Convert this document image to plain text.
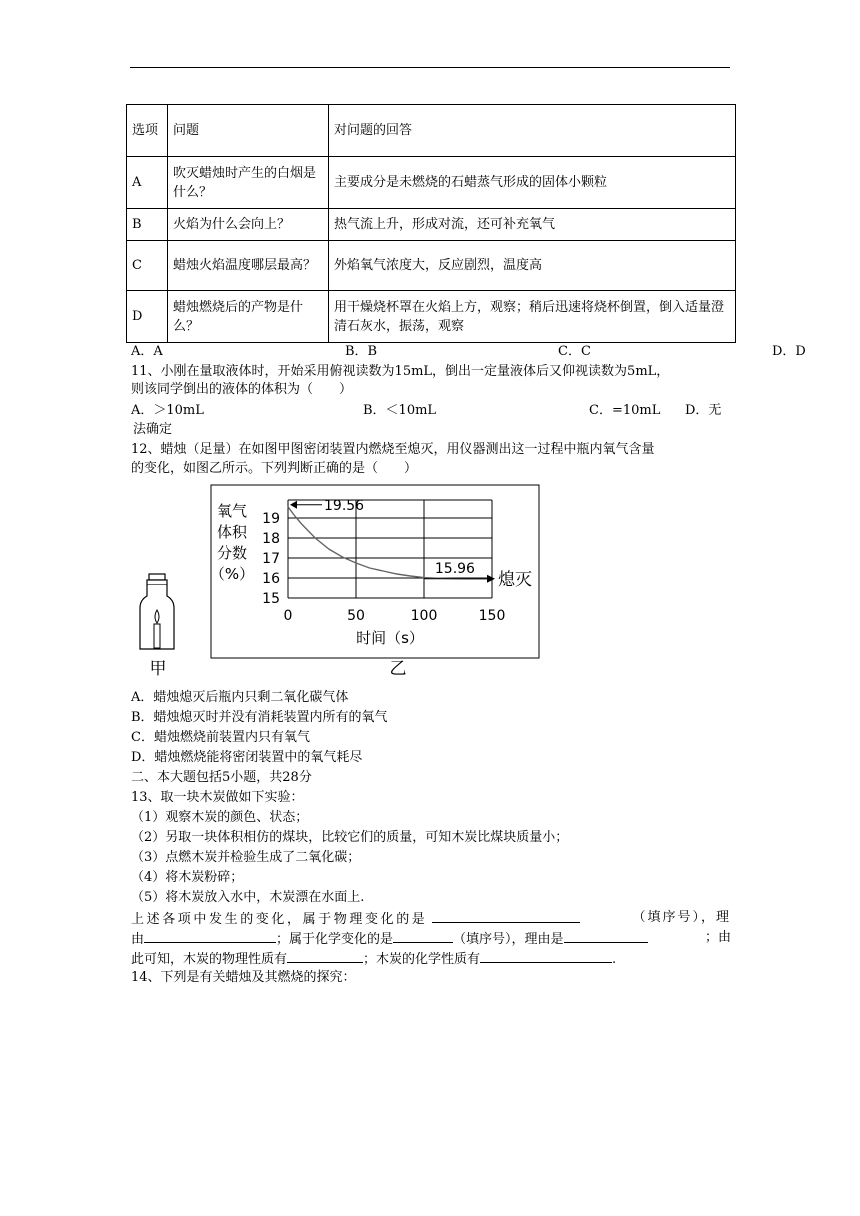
选项	问题	对问题的回答
A	吹灭蜡烛时产生的白烟是什么？	主要成分是未燃烧的石蜡蒸气形成的固体小颗粒
B	火焰为什么会向上？	热气流上升，形成对流，还可补充氧气
C	蜡烛火焰温度哪层最高？	外焰氧气浓度大，反应剧烈，温度高
D	蜡烛燃烧后的产物是什么？	用干燥烧杯罩在火焰上方，观察；稍后迅速将烧杯倒置，倒入适量澄清石灰水，振荡，观察
A．A	B．B	C．C	D．D
11、小刚在量取液体时，开始采用俯视读数为15mL，倒出一定量液体后又仰视读数为5mL，
则该同学倒出的液体的体积为（　　）
A．＞10mL	B．＜10mL	C．=10mL D．无
法确定
12、蜡烛（足量）在如图甲图密闭装置内燃烧至熄灭，用仪器测出这一过程中瓶内氧气含量
的变化，如图乙所示。下列判断正确的是（　　）
甲
15
16
17
18
19
0	50	100	150
氧气
体积
分数
（%）
时间（s）
19.56
15.96
熄灭
乙
A．蜡烛熄灭后瓶内只剩二氧化碳气体
B．蜡烛熄灭时并没有消耗装置内所有的氧气
C．蜡烛燃烧前装置内只有氧气
D．蜡烛燃烧能将密闭装置中的氧气耗尽
二、本大题包括5小题，共28分
13、取一块木炭做如下实验：
（1）观察木炭的颜色、状态；
（2）另取一块体积相仿的煤块，比较它们的质量，可知木炭比煤块质量小；
（3）点燃木炭并检验生成了二氧化碳；
（4）将木炭粉碎；
（5）将木炭放入水中，木炭漂在水面上.
上述各项中发生的变化，属于物理变化的是	（填序号），理
由	；属于化学变化的是	（填序号），理由是	；由
此可知，木炭的物理性质有	；木炭的化学性质有	.
14、下列是有关蜡烛及其燃烧的探究：
